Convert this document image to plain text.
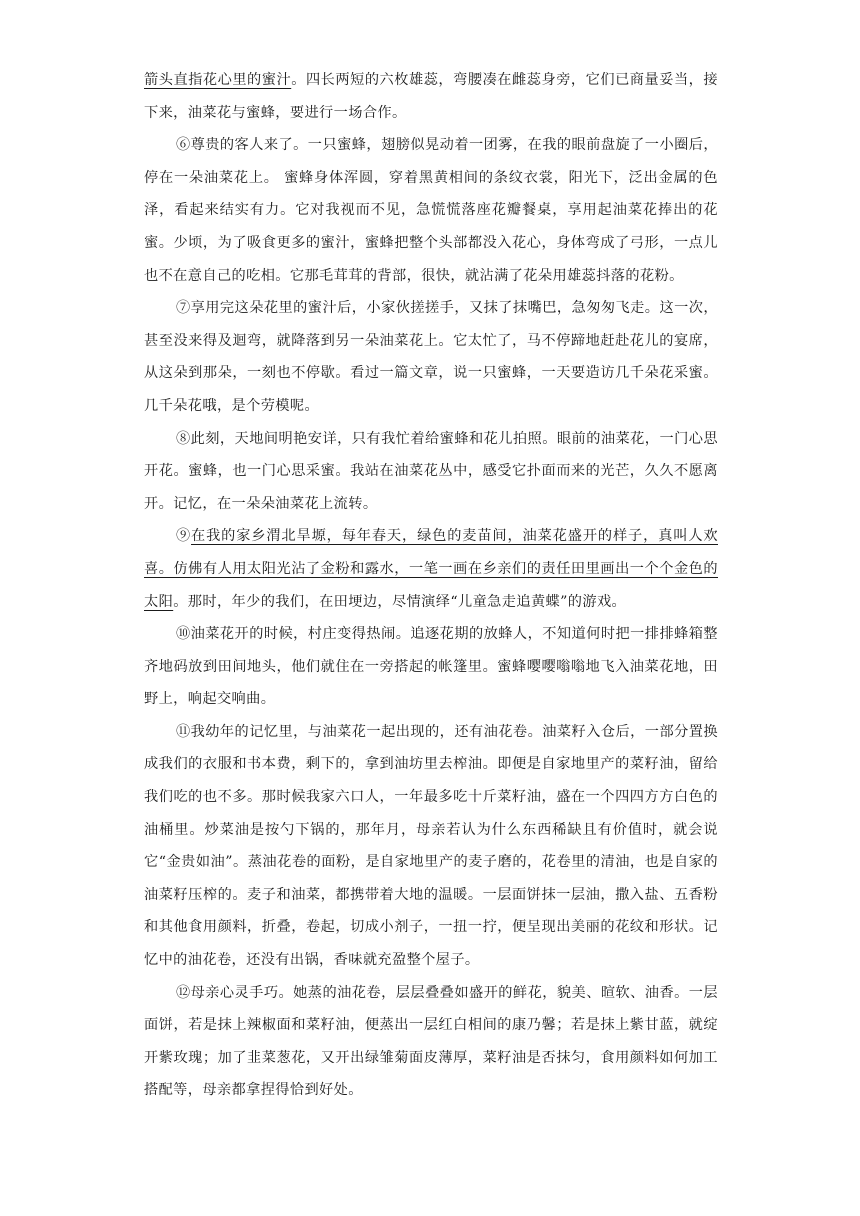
箭头直指花心里的蜜汁。四长两短的六枚雄蕊，弯腰凑在雌蕊身旁，它们已商量妥当，接下来，油菜花与蜜蜂，要进行一场合作。

⑥尊贵的客人来了。一只蜜蜂，翅膀似晃动着一团雾，在我的眼前盘旋了一小圈后，停在一朵油菜花上。 蜜蜂身体浑圆，穿着黑黄相间的条纹衣裳，阳光下，泛出金属的色泽，看起来结实有力。它对我视而不见，急慌慌落座花瓣餐桌，享用起油菜花捧出的花蜜。少顷，为了吸食更多的蜜汁，蜜蜂把整个头部都没入花心，身体弯成了弓形，一点儿也不在意自己的吃相。它那毛茸茸的背部，很快，就沾满了花朵用雄蕊抖落的花粉。

⑦享用完这朵花里的蜜汁后，小家伙搓搓手，又抹了抹嘴巴，急匆匆飞走。这一次，甚至没来得及迴弯，就降落到另一朵油菜花上。它太忙了，马不停蹄地赶赴花儿的宴席，从这朵到那朵，一刻也不停歇。看过一篇文章，说一只蜜蜂，一天要造访几千朵花采蜜。几千朵花哦，是个劳模呢。

⑧此刻，天地间明艳安详，只有我忙着给蜜蜂和花儿拍照。眼前的油菜花，一门心思开花。蜜蜂，也一门心思采蜜。我站在油菜花丛中，感受它扑面而来的光芒，久久不愿离开。记忆，在一朵朵油菜花上流转。

⑨在我的家乡渭北旱塬，每年春天，绿色的麦苗间，油菜花盛开的样子，真叫人欢喜。仿佛有人用太阳光沾了金粉和露水，一笔一画在乡亲们的责任田里画出一个个金色的太阳。那时，年少的我们，在田埂边，尽情演绎“儿童急走追黄蝶”的游戏。

⑩油菜花开的时候，村庄变得热闹。追逐花期的放蜂人，不知道何时把一排排蜂箱整齐地码放到田间地头，他们就住在一旁搭起的帐篷里。蜜蜂嘤嘤嗡嗡地飞入油菜花地，田野上，响起交响曲。

⑪我幼年的记忆里，与油菜花一起出现的，还有油花卷。油菜籽入仓后，一部分置换成我们的衣服和书本费，剩下的，拿到油坊里去榨油。即便是自家地里产的菜籽油，留给我们吃的也不多。那时候我家六口人，一年最多吃十斤菜籽油，盛在一个四四方方白色的油桶里。炒菜油是按勺下锅的，那年月，母亲若认为什么东西稀缺且有价值时，就会说它“金贵如油”。蒸油花卷的面粉，是自家地里产的麦子磨的，花卷里的清油，也是自家的油菜籽压榨的。麦子和油菜，都携带着大地的温暖。一层面饼抹一层油，撒入盐、五香粉和其他食用颜料，折叠，卷起，切成小剂子，一扭一拧，便呈现出美丽的花纹和形状。记忆中的油花卷，还没有出锅，香味就充盈整个屋子。

⑫母亲心灵手巧。她蒸的油花卷，层层叠叠如盛开的鲜花，貌美、暄软、油香。一层面饼，若是抹上辣椒面和菜籽油，便蒸出一层红白相间的康乃馨；若是抹上紫甘蓝，就绽开紫玫瑰；加了韭菜葱花，又开出绿雏菊面皮薄厚，菜籽油是否抹匀，食用颜料如何加工搭配等，母亲都拿捏得恰到好处。
